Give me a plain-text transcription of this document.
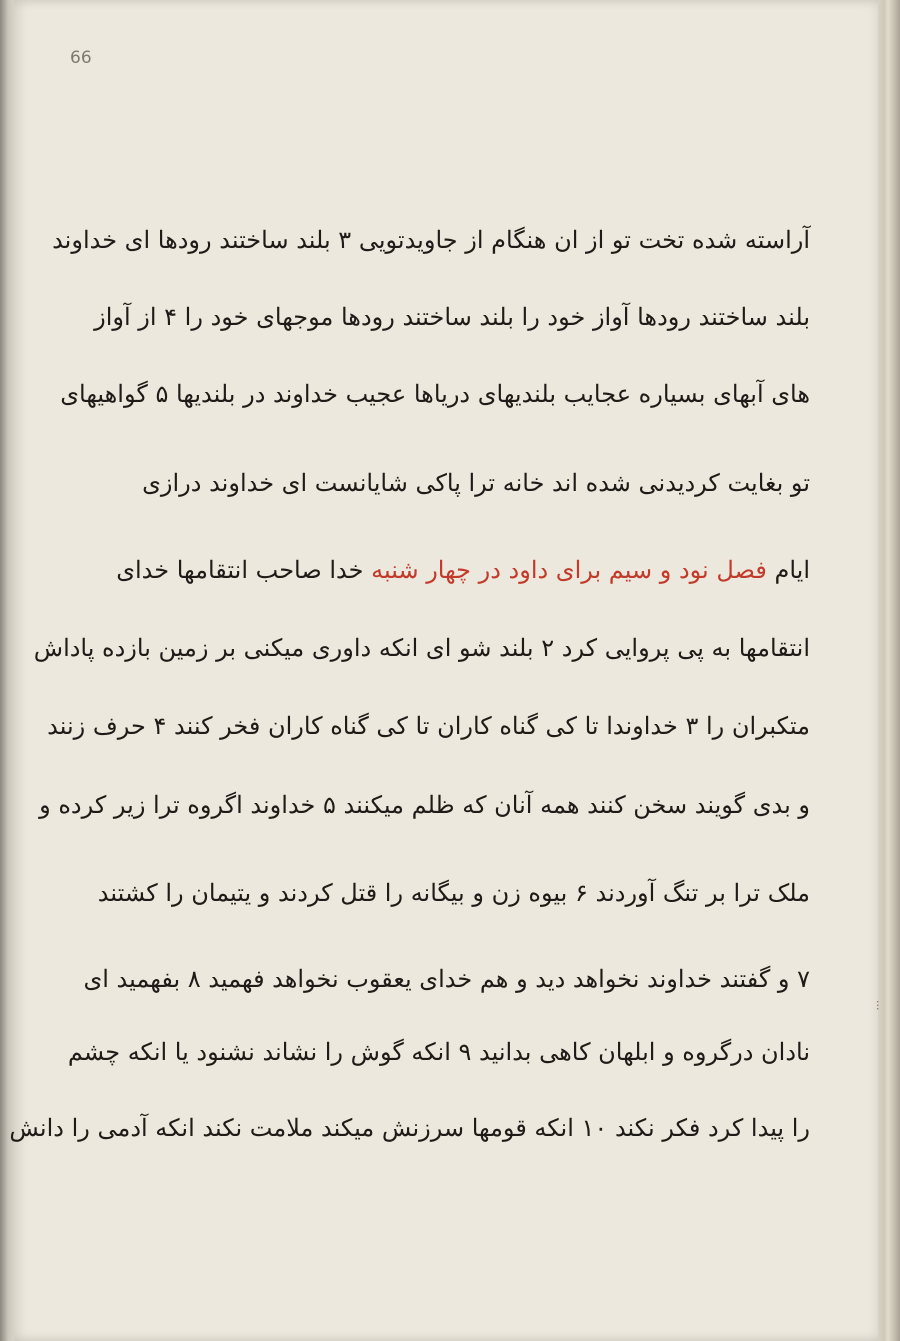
66
آراسته شده تخت تو از ان هنگام از جاویدتویی ۳ بلند ساختند رودها ای خداوند
بلند ساختند رودها آواز خود را بلند ساختند رودها موجهای خود را ۴ از آواز
های آبهای بسیاره عجایب بلندیهای دریاها عجیب خداوند در بلندیها ۵ گواهیهای
تو بغایت کردیدنی شده اند خانه ترا پاکی شایانست ای خداوند درازی
ایام فصل نود و سیم برای داود در چهار شنبه خدا صاحب انتقامها خدای
انتقامها به پی پروایی کرد ۲ بلند شو ای انکه داوری میکنی بر زمین بازده پاداش
متکبران را ۳ خداوندا تا کی گناه کاران تا کی گناه کاران فخر کنند ۴ حرف زنند
و بدی گویند سخن کنند همه آنان که ظلم میکنند ۵ خداوند اگروه ترا زیر کرده و
ملک ترا بر تنگ آوردند ۶ بیوه زن و بیگانه را قتل کردند و یتیمان را کشتند
۷ و گفتند خداوند نخواهد دید و هم خدای یعقوب نخواهد فهمید ۸ بفهمید ای
نادان درگروه و ابلهان کاهی بدانید ۹ انکه گوش را نشاند نشنود یا انکه چشم
را پیدا کرد فکر نکند ۱۰ انکه قومها سرزنش میکند ملامت نکند انکه آدمی را دانش
...
